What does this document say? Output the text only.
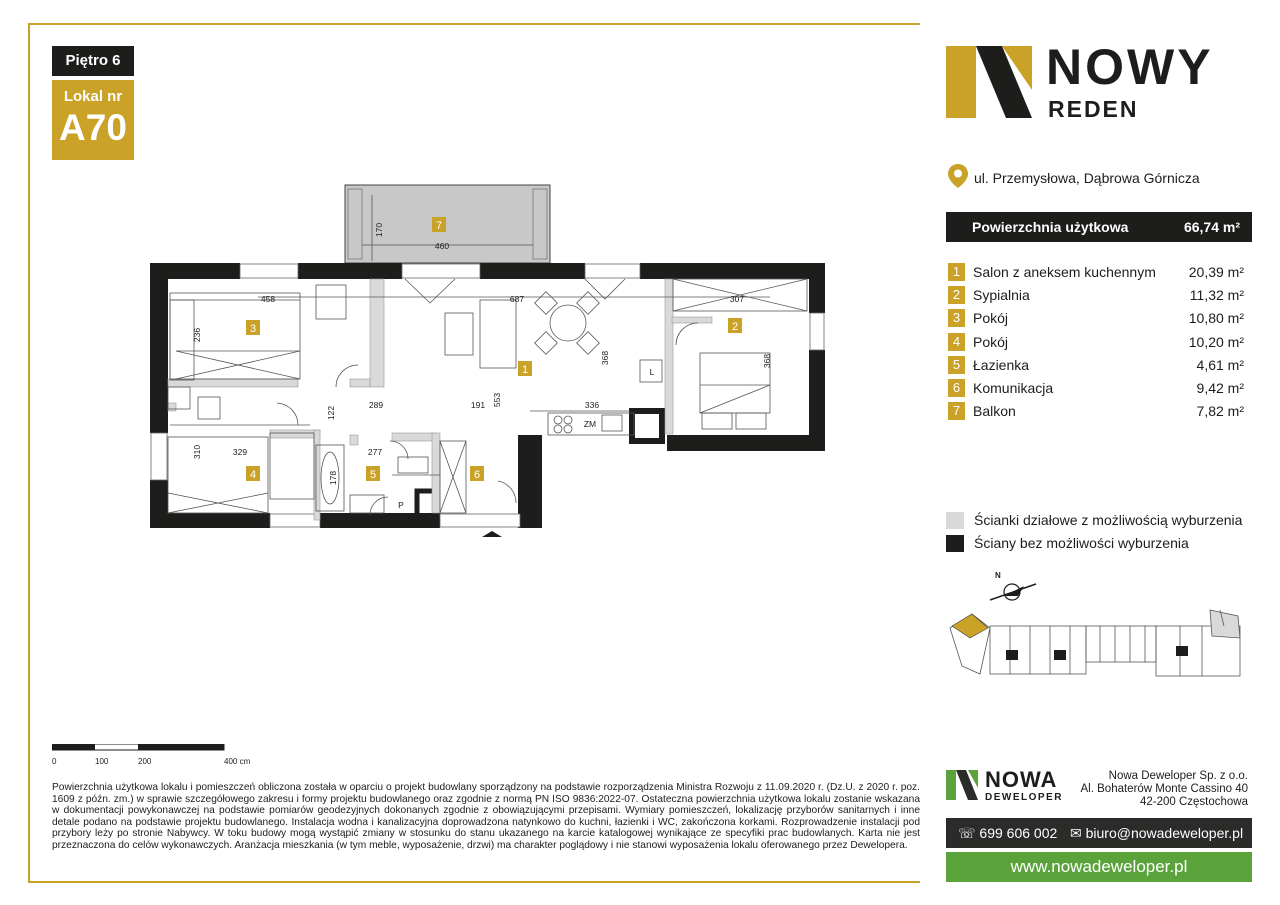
Piętro 6
Lokal nr
A70
7
1
2
3
4	5	6
460
170
458
236
687
368
553
307
368
122
289	191	336
329
310	277
178
L
ZM
P
0	100	200	400 cm
Powierzchnia użytkowa lokalu i pomieszczeń obliczona została w oparciu o projekt budowlany sporządzony na podstawie rozporządzenia Ministra Rozwoju z 11.09.2020 r. (Dz.U. z 2020 r. poz. 1609 z późn. zm.) w sprawie szczegółowego zakresu i formy projektu budowlanego oraz zgodnie z normą PN ISO 9836:2022-07. Ostateczna powierzchnia użytkowa lokalu zostanie wskazana w dokumentacji powykonawczej na podstawie pomiarów geodezyjnych dokonanych zgodnie z obowiązującymi przepisami. Wymiary pomieszczeń, lokalizację przyborów sanitarnych i inne detale podano na podstawie projektu budowlanego. Instalacja wodna i kanalizacyjna doprowadzona natynkowo do kuchni, łazienki i WC, zakończona korkami. Rozprowadzenie instalacji pod przybory leży po stronie Nabywcy. W toku budowy mogą wystąpić zmiany w stosunku do stanu ukazanego na karcie katalogowej wynikające ze specyfiki prac budowlanych. Karta nie jest przeznaczona do celów wykonawczych. Aranżacja mieszkania (w tym meble, wyposażenie, drzwi) ma charakter poglądowy i nie stanowi wyposażenia lokalu oferowanego przez Dewelopera.
NOWY
REDEN
ul. Przemysłowa, Dąbrowa Górnicza
Powierzchnia użytkowa	66,74 m²
1 Salon z aneksem kuchennym 20,39 m²
2 Sypialnia	11,32 m²
3 Pokój	10,80 m²
4 Pokój	10,20 m²
5 Łazienka	4,61 m²
6 Komunikacja	9,42 m²
7 Balkon	7,82 m²
Ścianki działowe z możliwością wyburzenia
Ściany bez możliwości wyburzenia
N
NOWA
DEWELOPER
Nowa Deweloper Sp. z o.o.
Al. Bohaterów Monte Cassino 40
42-200 Częstochowa
☏ 699 606 002 ✉ biuro@nowadeweloper.pl
www.nowadeweloper.pl
